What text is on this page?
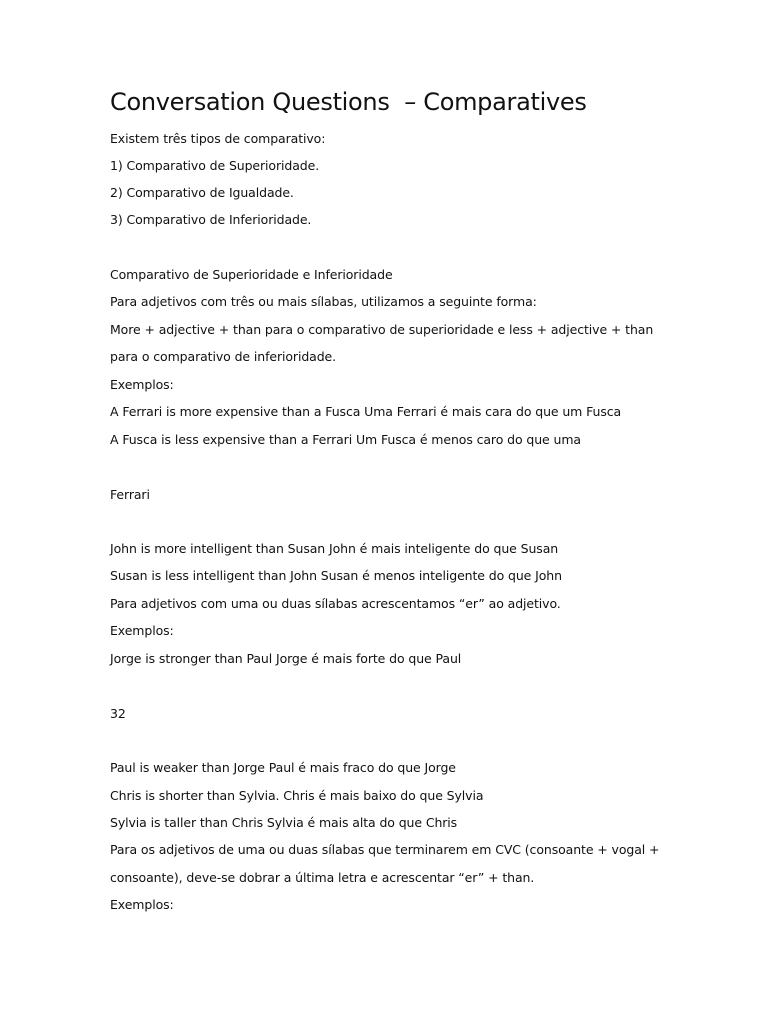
Conversation Questions  – Comparatives

Existem três tipos de comparativo:

1) Comparativo de Superioridade.

2) Comparativo de Igualdade.

3) Comparativo de Inferioridade.

Comparativo de Superioridade e Inferioridade

Para adjetivos com três ou mais sílabas, utilizamos a seguinte forma:

More + adjective + than para o comparativo de superioridade e less + adjective + than

para o comparativo de inferioridade.

Exemplos:

A Ferrari is more expensive than a Fusca Uma Ferrari é mais cara do que um Fusca

A Fusca is less expensive than a Ferrari Um Fusca é menos caro do que uma

Ferrari

John is more intelligent than Susan John é mais inteligente do que Susan

Susan is less intelligent than John Susan é menos inteligente do que John

Para adjetivos com uma ou duas sílabas acrescentamos “er” ao adjetivo.

Exemplos:

Jorge is stronger than Paul Jorge é mais forte do que Paul

32

Paul is weaker than Jorge Paul é mais fraco do que Jorge

Chris is shorter than Sylvia. Chris é mais baixo do que Sylvia

Sylvia is taller than Chris Sylvia é mais alta do que Chris

Para os adjetivos de uma ou duas sílabas que terminarem em CVC (consoante + vogal +

consoante), deve-se dobrar a última letra e acrescentar “er” + than.

Exemplos:
